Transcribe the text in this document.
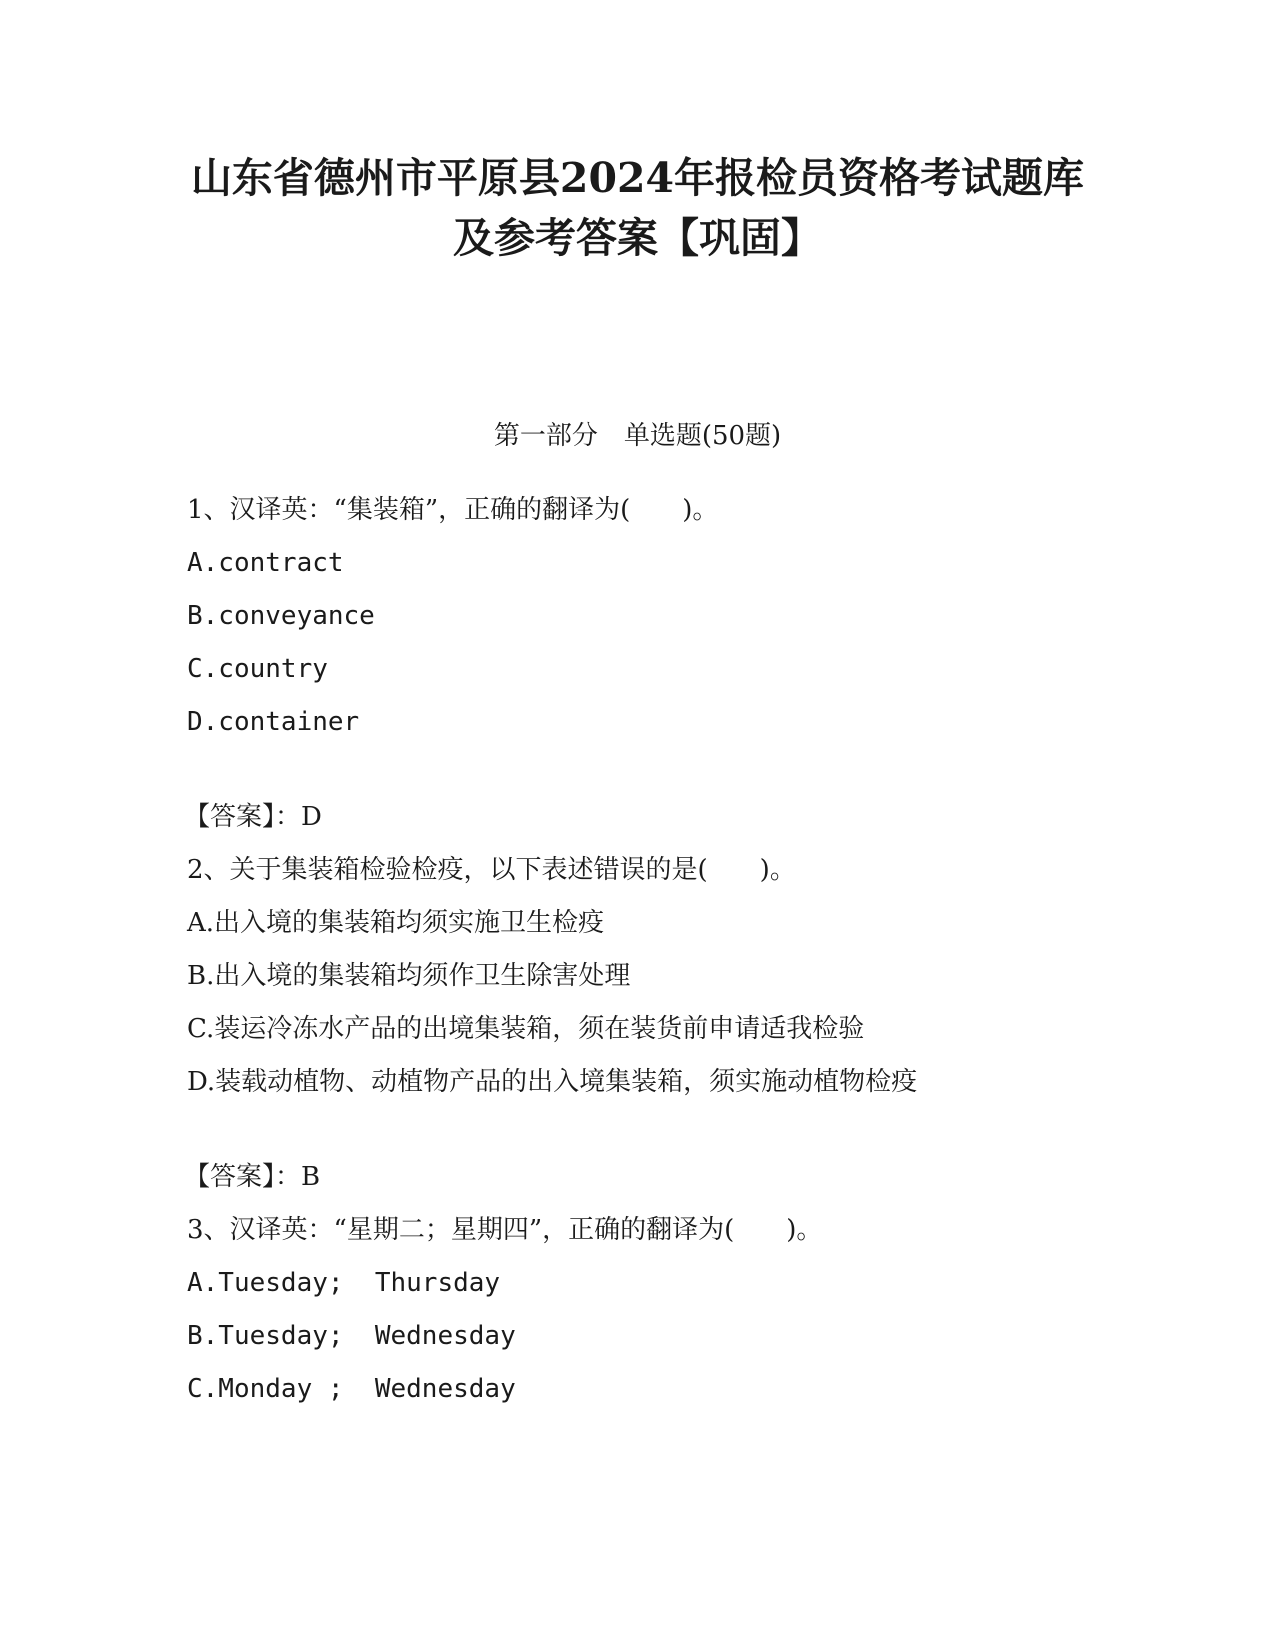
山东省德州市平原县2024年报检员资格考试题库
及参考答案【巩固】
第一部分　单选题(50题)
1、汉译英：“集装箱”，正确的翻译为(　　)。
A.contract
B.conveyance
C.country
D.container
【答案】：D
2、关于集装箱检验检疫，以下表述错误的是(　　)。
A.出入境的集装箱均须实施卫生检疫
B.出入境的集装箱均须作卫生除害处理
C.装运冷冻水产品的出境集装箱，须在装货前申请适我检验
D.装载动植物、动植物产品的出入境集装箱，须实施动植物检疫
【答案】：B
3、汉译英：“星期二；星期四”，正确的翻译为(　　)。
A.Tuesday;  Thursday
B.Tuesday;  Wednesday
C.Monday ;  Wednesday
